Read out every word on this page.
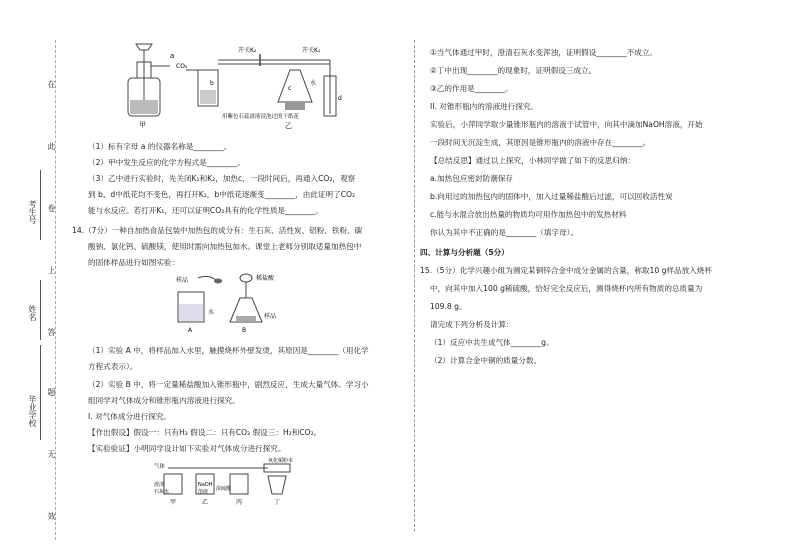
在
此
卷
上
答
题
无
效
考生号
姓名
毕业学校
a
甲
CO₂
b
开关K₂	开关K₁
c
水
d
用紫色石蕊溶液浸泡过的干纸花
乙
（1）标有字母 a 的仪器名称是________。
（2）甲中发生反应的化学方程式是________。
（3）乙中进行实验时，先关闭K₁和K₂，加热c，一段时间后，再通入CO₂，观察
到 b、d中纸花均不变色，再打开K₂，b中纸花逐渐变________，由此证明了CO₂
能与水反应。若打开K₁，还可以证明CO₂具有的化学性质是________。
14.（7分）一种自加热食品包装中加热包的成分有：生石灰、活性炭、铝粉、铁粉、碳
酸钠、氯化钙、硫酸镁，使用时需向加热包加水。课堂上老师分别取适量加热包中
的固体样品进行如图实验：
样品
水
A
稀盐酸
样品
B
（1）实验 A 中，将样品加入水里，触摸烧杯外壁发烫，其原因是________（用化学
方程式表示）。
（2）实验 B 中，将一定量稀盐酸加入锥形瓶中，剧烈反应，生成大量气体。学习小
组同学对气体成分和锥形瓶内溶液进行探究。
I. 对气体成分进行探究。
【作出假设】假设一：只有H₂ 假设二：只有CO₂ 假设三：H₂和CO₂。
【实验验证】小明同学设计如下实验对气体成分进行探究。
气体
澄清
石灰水
NaOH
溶液 浓硫酸
甲	乙	丙
氧化铜粉末
丁
①当气体通过甲时，澄清石灰水变浑浊，证明假设________不成立。
②丁中出现________的现象时，证明假设三成立。
③乙的作用是________。
II. 对锥形瓶内的溶液进行探究。
实验后，小萍同学取少量锥形瓶内的溶液于试管中，向其中滴加NaOH溶液，开始
一段时间无沉淀生成，其原因是锥形瓶内的溶液中存在________。
【总结反思】通过以上探究，小林同学做了如下的反思归纳：
a.加热包应密封防潮保存
b.向用过的加热包内的固体中，加入过量稀盐酸后过滤，可以回收活性炭
c.能与水混合放出热量的物质均可用作加热包中的发热材料
你认为其中不正确的是________（填字母）。
四、计算与分析题（5分）
15.（5分）化学兴趣小组为测定某铜锌合金中成分金属的含量，称取10 g样品放入烧杯
中，向其中加入100 g稀硫酸，恰好完全反应后，测得烧杯内所有物质的总质量为
109.8 g。
请完成下列分析及计算：
（1）反应中共生成气体________g。
（2）计算合金中铜的质量分数。
